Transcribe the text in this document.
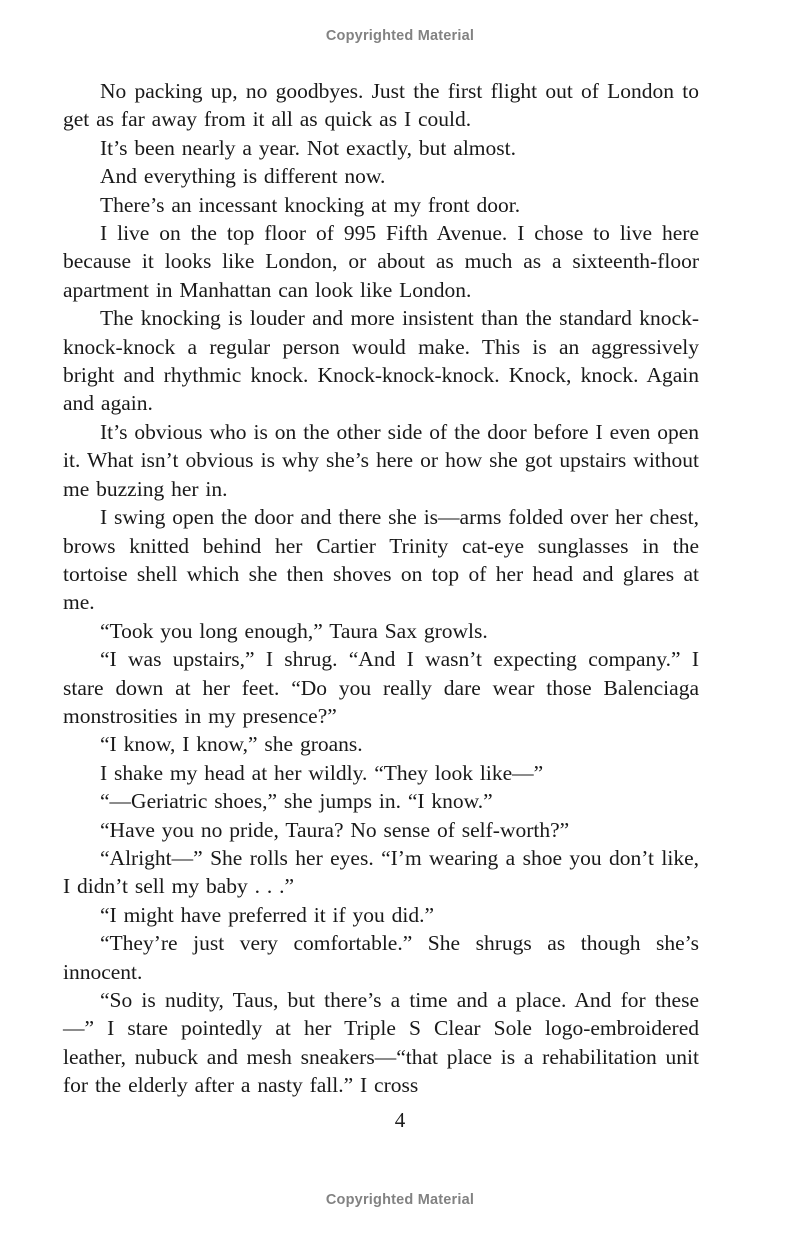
Copyrighted Material

No packing up, no goodbyes. Just the first flight out of London to get as far away from it all as quick as I could.

It’s been nearly a year. Not exactly, but almost.

And everything is different now.

There’s an incessant knocking at my front door.

I live on the top floor of 995 Fifth Avenue. I chose to live here because it looks like London, or about as much as a sixteenth-floor apartment in Manhattan can look like London.

The knocking is louder and more insistent than the standard knock-knock-knock a regular person would make. This is an aggressively bright and rhythmic knock. Knock-knock-knock. Knock, knock. Again and again.

It’s obvious who is on the other side of the door before I even open it. What isn’t obvious is why she’s here or how she got upstairs without me buzzing her in.

I swing open the door and there she is—arms folded over her chest, brows knitted behind her Cartier Trinity cat-eye sunglasses in the tortoise shell which she then shoves on top of her head and glares at me.

“Took you long enough,” Taura Sax growls.

“I was upstairs,” I shrug. “And I wasn’t expecting company.” I stare down at her feet. “Do you really dare wear those Balenciaga monstrosities in my presence?”

“I know, I know,” she groans.

I shake my head at her wildly. “They look like—”

“—Geriatric shoes,” she jumps in. “I know.”

“Have you no pride, Taura? No sense of self-worth?”

“Alright—” She rolls her eyes. “I’m wearing a shoe you don’t like, I didn’t sell my baby . . .”

“I might have preferred it if you did.”

“They’re just very comfortable.” She shrugs as though she’s innocent.

“So is nudity, Taus, but there’s a time and a place. And for these—” I stare pointedly at her Triple S Clear Sole logo-embroidered leather, nubuck and mesh sneakers—“that place is a rehabilitation unit for the elderly after a nasty fall.” I cross

4
Copyrighted Material
